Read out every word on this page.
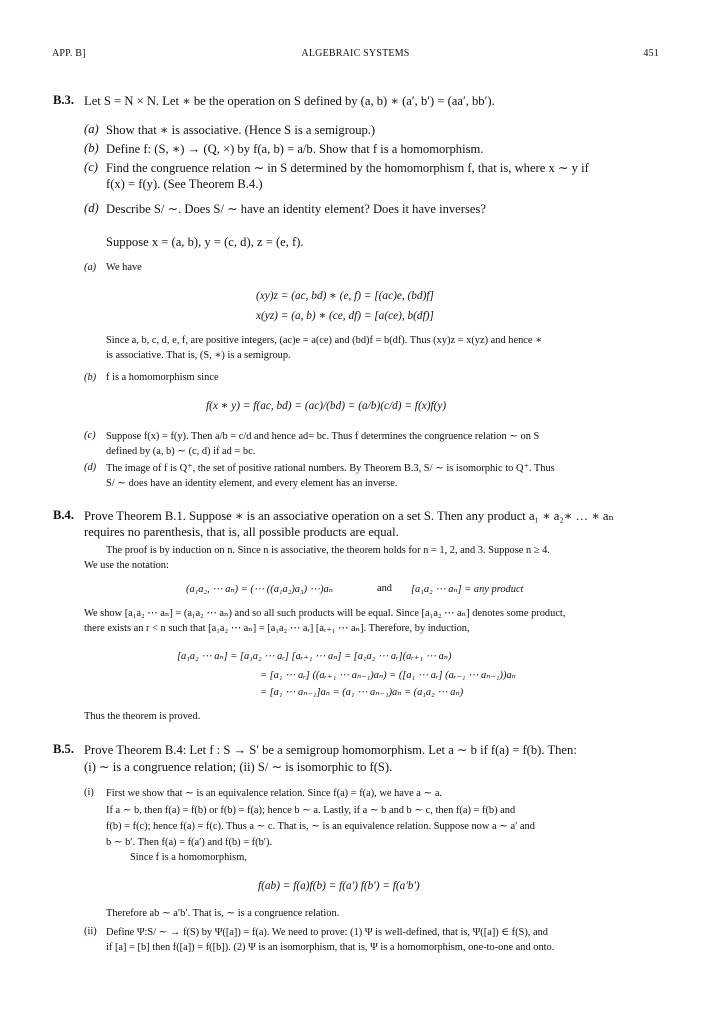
APP. B]	ALGEBRAIC SYSTEMS	451
B.3. Let S = N × N. Let ∗ be the operation on S defined by (a, b) ∗ (a′, b′) = (aa′, bb′).
(a) Show that ∗ is associative. (Hence S is a semigroup.)
(b) Define f: (S, ∗) → (Q, ×) by f(a, b) = a/b. Show that f is a homomorphism.
(c) Find the congruence relation ∼ in S determined by the homomorphism f, that is, where x ∼ y if
f(x) = f(y). (See Theorem B.4.)
(d) Describe S/ ∼. Does S/ ∼ have an identity element? Does it have inverses?
Suppose x = (a, b), y = (c, d), z = (e, f).
(a) We have
(xy)z = (ac, bd) ∗ (e, f) = [(ac)e, (bd)f]
x(yz) = (a, b) ∗ (ce, df) = [a(ce), b(df)]
Since a, b, c, d, e, f, are positive integers, (ac)e = a(ce) and (bd)f = b(df). Thus (xy)z = x(yz) and hence ∗
is associative. That is, (S, ∗) is a semigroup.
(b) f is a homomorphism since
f(x ∗ y) = f(ac, bd) = (ac)/(bd) = (a/b)(c/d) = f(x)f(y)
(c) Suppose f(x) = f(y). Then a/b = c/d and hence ad= bc. Thus f determines the congruence relation ∼ on S
defined by (a, b) ∼ (c, d) if ad = bc.
(d) The image of f is Q⁺, the set of positive rational numbers. By Theorem B.3, S/ ∼ is isomorphic to Q⁺. Thus
S/ ∼ does have an identity element, and every element has an inverse.
B.4. Prove Theorem B.1. Suppose ∗ is an associative operation on a set S. Then any product a₁ ∗ a₂∗ … ∗ aₙ
requires no parenthesis, that is, all possible products are equal.
The proof is by induction on n. Since n is associative, the theorem holds for n = 1, 2, and 3. Suppose n ≥ 4.
We use the notation:
(a₁a₂, ⋯ aₙ) = (⋯ ((a₁a₂)a₃) ⋯)aₙ	and [a₁a₂ ⋯ aₙ] = any product
We show [a₁a₂ ⋯ aₙ] = (a₁a₂ ⋯ aₙ) and so all such products will be equal. Since [a₁a₂ ⋯ aₙ] denotes some product,
there exists an r < n such that [a₁a₂ ⋯ aₙ] = [a₁a₂ ⋯ aᵣ] [aᵣ₊₁ ⋯ aₙ]. Therefore, by induction,
[a₁a₂ ⋯ aₙ] = [a₁a₂ ⋯ aᵣ] [aᵣ₊₁ ⋯ aₙ] = [a₁a₂ ⋯ aᵣ](aᵣ₊₁ ⋯ aₙ)
= [a₁ ⋯ aᵣ] ((aᵣ₊₁ ⋯ aₙ₋₁)aₙ) = ([a₁ ⋯ aᵣ] (aᵣ₋₁ ⋯ aₙ₋₁))aₙ
= [a₁ ⋯ aₙ₋₁]aₙ = (a₁ ⋯ aₙ₋₁)aₙ = (a₁a₂ ⋯ aₙ)
Thus the theorem is proved.
B.5. Prove Theorem B.4: Let f : S → S′ be a semigroup homomorphism. Let a ∼ b if f(a) = f(b). Then:
(i) ∼ is a congruence relation; (ii) S/ ∼ is isomorphic to f(S).
(i) First we show that ∼ is an equivalence relation. Since f(a) = f(a), we have a ∼ a.
If a ∼ b, then f(a) = f(b) or f(b) = f(a); hence b ∼ a. Lastly, if a ∼ b and b ∼ c, then f(a) = f(b) and
f(b) = f(c); hence f(a) = f(c). Thus a ∼ c. That is, ∼ is an equivalence relation. Suppose now a ∼ a′ and
b ∼ b′. Then f(a) = f(a′) and f(b) = f(b′).
Since f is a homomorphism,
f(ab) = f(a)f(b) = f(a′) f(b′) = f(a′b′)
Therefore ab ∼ a′b′. That is, ∼ is a congruence relation.
(ii) Define Ψ:S/ ∼ → f(S) by Ψ([a]) = f(a). We need to prove: (1) Ψ is well-defined, that is, Ψ([a]) ∈ f(S), and
if [a] = [b] then f([a]) = f([b]). (2) Ψ is an isomorphism, that is, Ψ is a homomorphism, one-to-one and onto.
